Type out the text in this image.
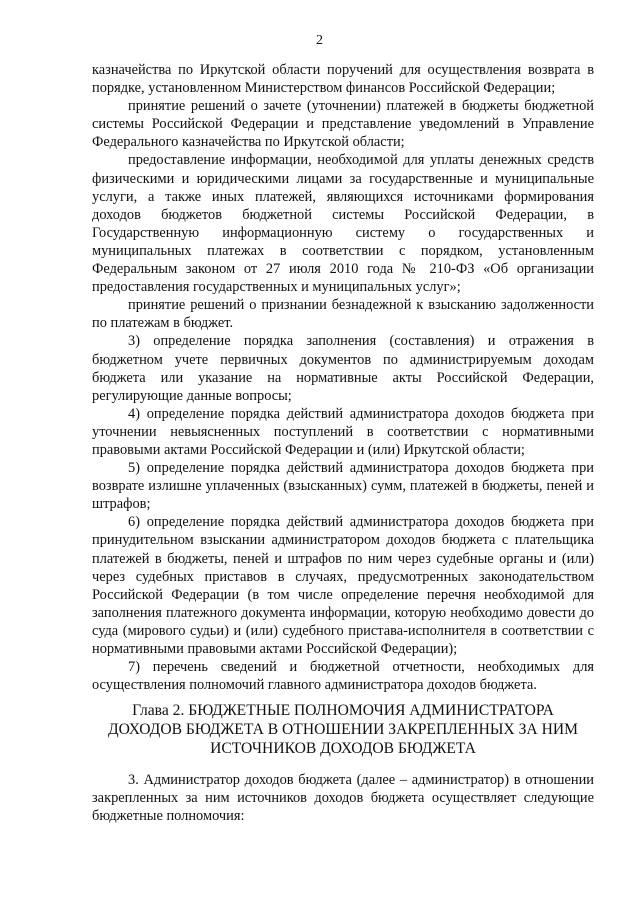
2

казначейства по Иркутской области поручений для осуществления возврата в порядке, установленном Министерством финансов Российской Федерации;

принятие решений о зачете (уточнении) платежей в бюджеты бюджетной системы Российской Федерации и представление уведомлений в Управление Федерального казначейства по Иркутской области;

предоставление информации, необходимой для уплаты денежных средств физическими и юридическими лицами за государственные и муниципальные услуги, а также иных платежей, являющихся источниками формирования доходов бюджетов бюджетной системы Российской Федерации, в Государственную информационную систему о государственных и муниципальных платежах в соответствии с порядком, установленным Федеральным законом от 27 июля 2010 года № 210-ФЗ «Об организации предоставления государственных и муниципальных услуг»;

принятие решений о признании безнадежной к взысканию задолженности по платежам в бюджет.

3) определение порядка заполнения (составления) и отражения в бюджетном учете первичных документов по администрируемым доходам бюджета или указание на нормативные акты Российской Федерации, регулирующие данные вопросы;

4) определение порядка действий администратора доходов бюджета при уточнении невыясненных поступлений в соответствии с нормативными правовыми актами Российской Федерации и (или) Иркутской области;

5) определение порядка действий администратора доходов бюджета при возврате излишне уплаченных (взысканных) сумм, платежей в бюджеты, пеней и штрафов;

6) определение порядка действий администратора доходов бюджета при принудительном взыскании администратором доходов бюджета с плательщика платежей в бюджеты, пеней и штрафов по ним через судебные органы и (или) через судебных приставов в случаях, предусмотренных законодательством Российской Федерации (в том числе определение перечня необходимой для заполнения платежного документа информации, которую необходимо довести до суда (мирового судьи) и (или) судебного пристава-исполнителя в соответствии с нормативными правовыми актами Российской Федерации);

7) перечень сведений и бюджетной отчетности, необходимых для осуществления полномочий главного администратора доходов бюджета.

Глава 2. БЮДЖЕТНЫЕ ПОЛНОМОЧИЯ АДМИНИСТРАТОРА
ДОХОДОВ БЮДЖЕТА В ОТНОШЕНИИ ЗАКРЕПЛЕННЫХ ЗА НИМ
ИСТОЧНИКОВ ДОХОДОВ БЮДЖЕТА

3. Администратор доходов бюджета (далее – администратор) в отношении закрепленных за ним источников доходов бюджета осуществляет следующие бюджетные полномочия:
